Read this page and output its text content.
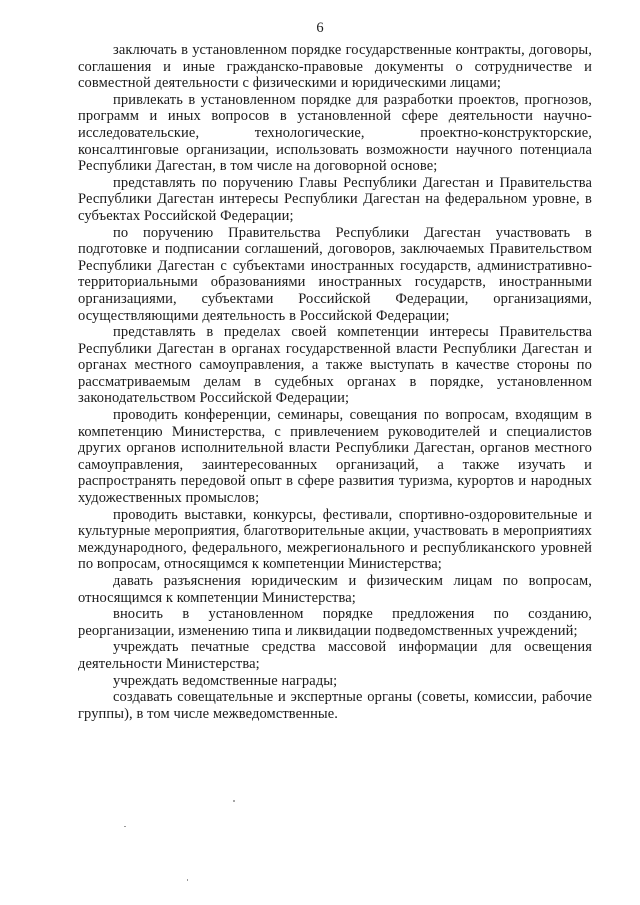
6

заключать в установленном порядке государственные контракты, договоры, соглашения и иные гражданско-правовые документы о сотрудничестве и совместной деятельности с физическими и юридическими лицами;

привлекать в установленном порядке для разработки проектов, прогнозов, программ и иных вопросов в установленной сфере деятельности научно-исследовательские, технологические, проектно-конструкторские, консалтинговые организации, использовать возможности научного потенциала Республики Дагестан, в том числе на договорной основе;

представлять по поручению Главы Республики Дагестан и Правительства Республики Дагестан интересы Республики Дагестан на федеральном уровне, в субъектах Российской Федерации;

по поручению Правительства Республики Дагестан участвовать в подготовке и подписании соглашений, договоров, заключаемых Правительством Республики Дагестан с субъектами иностранных государств, административно-территориальными образованиями иностранных государств, иностранными организациями, субъектами Российской Федерации, организациями, осуществляющими деятельность в Российской Федерации;

представлять в пределах своей компетенции интересы Правительства Республики Дагестан в органах государственной власти Республики Дагестан и органах местного самоуправления, а также выступать в качестве стороны по рассматриваемым делам в судебных органах в порядке, установленном законодательством Российской Федерации;

проводить конференции, семинары, совещания по вопросам, входящим в компетенцию Министерства, с привлечением руководителей и специалистов других органов исполнительной власти Республики Дагестан, органов местного самоуправления, заинтересованных организаций, а также изучать и распространять передовой опыт в сфере развития туризма, курортов и народных художественных промыслов;

проводить выставки, конкурсы, фестивали, спортивно-оздоровительные и культурные мероприятия, благотворительные акции, участвовать в мероприятиях международного, федерального, межрегионального и республиканского уровней по вопросам, относящимся к компетенции Министерства;

давать разъяснения юридическим и физическим лицам по вопросам, относящимся к компетенции Министерства;

вносить в установленном порядке предложения по созданию, реорганизации, изменению типа и ликвидации подведомственных учреждений;

учреждать печатные средства массовой информации для освещения деятельности Министерства;

учреждать ведомственные награды;

создавать совещательные и экспертные органы (советы, комиссии, рабочие группы), в том числе межведомственные.
